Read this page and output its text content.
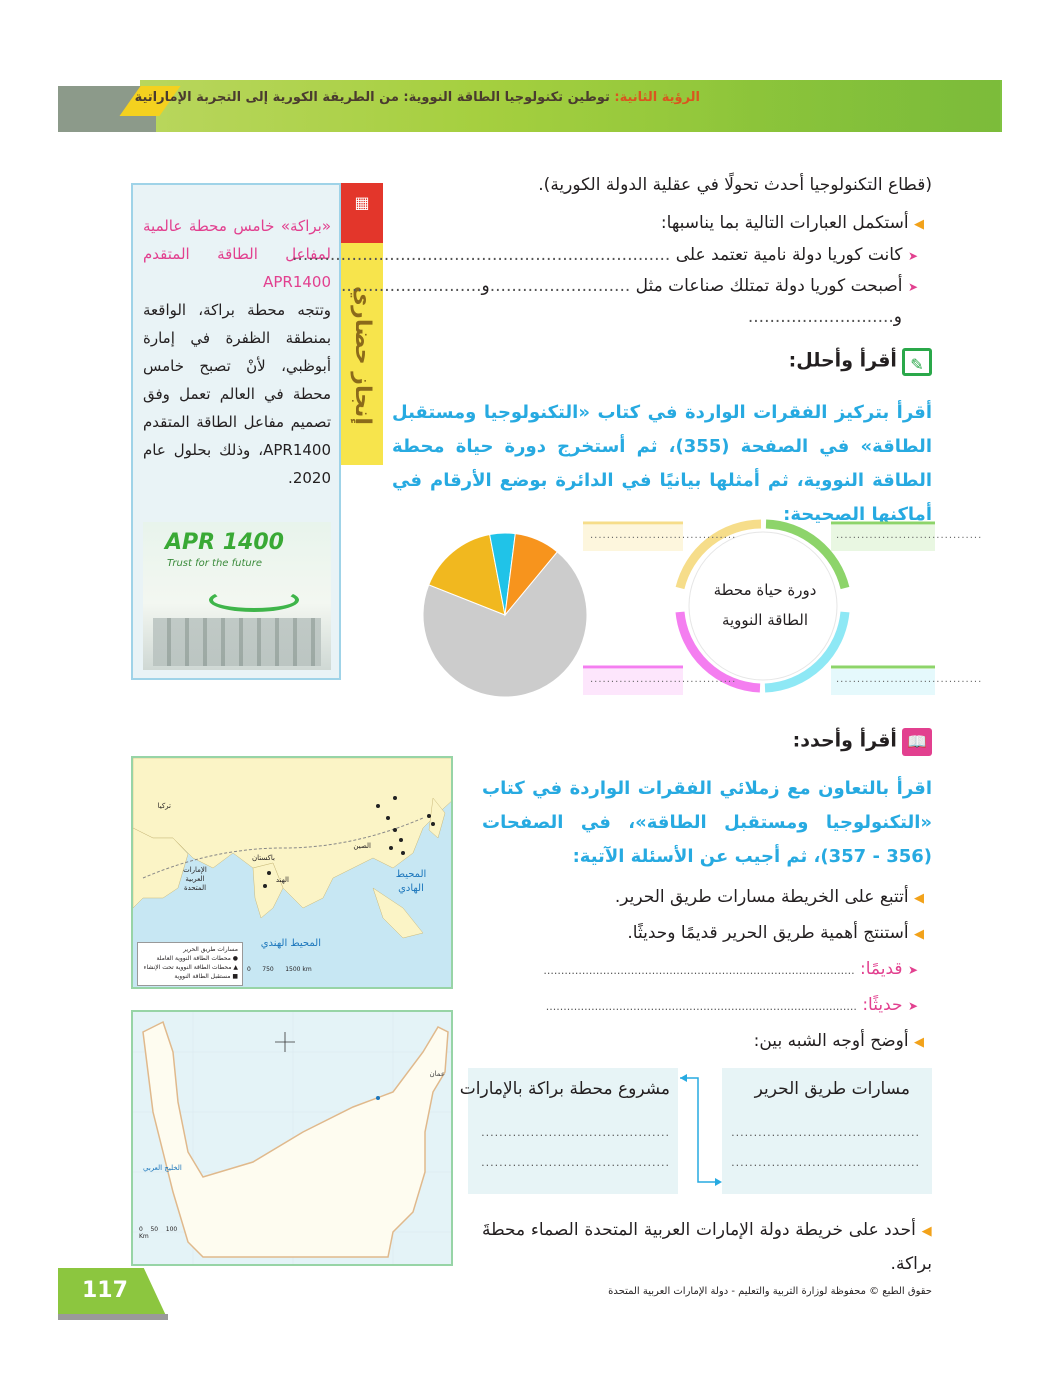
الرؤية الثانية: توطين تكنولوجيا الطاقة النووية: من الطريقة الكورية إلى التجربة الإماراتية
▦
إنجاز حضاري
«براكة» خامس محطة عالمية لمفاعل الطاقة المتقدم APR1400
وتتجه محطة براكة، الواقعة بمنطقة الظفرة في إمارة أبوظبي، لأنْ تصبح خامس محطة في العالم تعمل وفق تصميم مفاعل الطاقة المتقدم APR1400، وذلك بحلول عام 2020.
APR 1400
Trust for the future
(قطاع التكنولوجيا أحدث تحولًا في عقلية الدولة الكورية).
◀ أستكمل العبارات التالية بما يناسبها:
➤ كانت كوريا دولة نامية تعتمد على ......................................................................
➤ أصبحت كوريا دولة تمتلك صناعات مثل ..........................و..........................
و...........................
✎ أقرأ وأحلل:
أقرأ بتركيز الفقرات الواردة في كتاب «التكنولوجيا ومستقبل الطاقة» في الصفحة (355)، ثم أستخرج دورة حياة محطة الطاقة النووية، ثم أمثلها بيانيًا في الدائرة بوضع الأرقام في أماكنها الصحيحة:
...................................	...................................
...................................	...................................
دورة حياة محطة الطاقة النووية
📖 أقرأ وأحدد:
اقرأ بالتعاون مع زملائي الفقرات الواردة في كتاب «التكنولوجيا ومستقبل الطاقة»، في الصفحات (356 - 357)، ثم أجيب عن الأسئلة الآتية:
◀ أتتبع على الخريطة مسارات طريق الحرير.
◀ أستنتج أهمية طريق الحرير قديمًا وحديثًا.
➤ قديمًا: .........................................................................................
➤ حديثًا: .........................................................................................
◀ أوضح أوجه الشبه بين:
مسارات طريق الحرير
..........................................
..........................................
مشروع محطة براكة بالإمارات
..........................................
..........................................
◀ أحدد على خريطة دولة الإمارات العربية المتحدة الصماء محطةَ براكة.
المحيط الهادي
المحيط الهندي
الإمارات العربية المتحدة
الهند
الصين
باكستان
تركيا
مسارات طريق الحرير
● محطات الطاقة النووية العاملة
▲ محطات الطاقة النووية تحت الإنشاء
■ مستقبل الطاقة النووية
0 750 1500 km
الخليج العربي
عمان
0 50 100
Km
117	حقوق الطبع © محفوظة لوزارة التربية والتعليم - دولة الإمارات العربية المتحدة
